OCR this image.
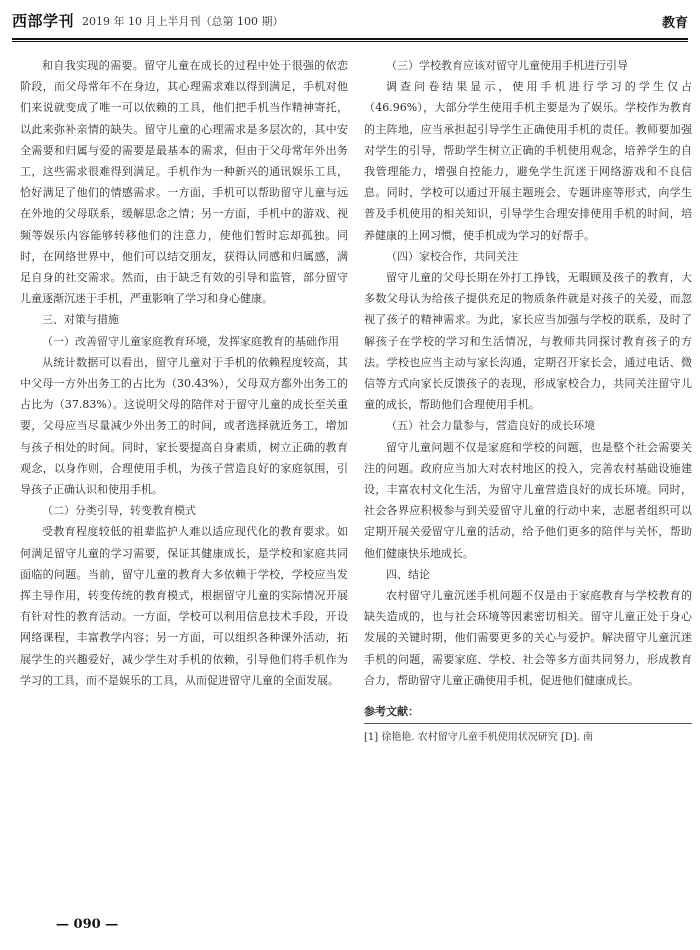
西部学刊 2019 年 10 月上半月刊（总第 100 期）	教育

和自我实现的需要。留守儿童在成长的过程中处于很强的依恋阶段，而父母常年不在身边，其心理需求难以得到满足，手机对他们来说就变成了唯一可以依赖的工具，他们把手机当作精神寄托，以此来弥补亲情的缺失。留守儿童的心理需求是多层次的，其中安全需要和归属与爱的需要是最基本的需求，但由于父母常年外出务工，这些需求很难得到满足。手机作为一种新兴的通讯娱乐工具，恰好满足了他们的情感需求。一方面，手机可以帮助留守儿童与远在外地的父母联系，缓解思念之情；另一方面，手机中的游戏、视频等娱乐内容能够转移他们的注意力，使他们暂时忘却孤独。同时，在网络世界中，他们可以结交朋友，获得认同感和归属感，满足自身的社交需求。然而，由于缺乏有效的引导和监管，部分留守儿童逐渐沉迷于手机，严重影响了学习和身心健康。

三、对策与措施
（一）改善留守儿童家庭教育环境，发挥家庭教育的基础作用

从统计数据可以看出，留守儿童对于手机的依赖程度较高，其中父母一方外出务工的占比为（30.43%），父母双方都外出务工的占比为（37.83%）。这说明父母的陪伴对于留守儿童的成长至关重要，父母应当尽量减少外出务工的时间，或者选择就近务工，增加与孩子相处的时间。同时，家长要提高自身素质，树立正确的教育观念，以身作则，合理使用手机，为孩子营造良好的家庭氛围，引导孩子正确认识和使用手机。

（二）分类引导，转变教育模式

受教育程度较低的祖辈监护人难以适应现代化的教育要求。如何满足留守儿童的学习需要，保证其健康成长，是学校和家庭共同面临的问题。当前，留守儿童的教育大多依赖于学校，学校应当发挥主导作用，转变传统的教育模式，根据留守儿童的实际情况开展有针对性的教育活动。一方面，学校可以利用信息技术手段，开设网络课程，丰富教学内容；另一方面，可以组织各种课外活动，拓展学生的兴趣爱好，减少学生对手机的依赖，引导他们将手机作为学习的工具，而不是娱乐的工具，从而促进留守儿童的全面发展。

（三）学校教育应该对留守儿童使用手机进行引导

调查问卷结果显示，使用手机进行学习的学生仅占（46.96%），大部分学生使用手机主要是为了娱乐。学校作为教育的主阵地，应当承担起引导学生正确使用手机的责任。教师要加强对学生的引导，帮助学生树立正确的手机使用观念，培养学生的自我管理能力，增强自控能力，避免学生沉迷于网络游戏和不良信息。同时，学校可以通过开展主题班会、专题讲座等形式，向学生普及手机使用的相关知识，引导学生合理安排使用手机的时间，培养健康的上网习惯，使手机成为学习的好帮手。

（四）家校合作，共同关注

留守儿童的父母长期在外打工挣钱，无暇顾及孩子的教育，大多数父母认为给孩子提供充足的物质条件就是对孩子的关爱，而忽视了孩子的精神需求。为此，家长应当加强与学校的联系，及时了解孩子在学校的学习和生活情况，与教师共同探讨教育孩子的方法。学校也应当主动与家长沟通，定期召开家长会，通过电话、微信等方式向家长反馈孩子的表现，形成家校合力，共同关注留守儿童的成长，帮助他们合理使用手机。

（五）社会力量参与，营造良好的成长环境

留守儿童问题不仅是家庭和学校的问题，也是整个社会需要关注的问题。政府应当加大对农村地区的投入，完善农村基础设施建设，丰富农村文化生活，为留守儿童营造良好的成长环境。同时，社会各界应积极参与到关爱留守儿童的行动中来，志愿者组织可以定期开展关爱留守儿童的活动，给予他们更多的陪伴与关怀，帮助他们健康快乐地成长。

四、结论

农村留守儿童沉迷手机问题不仅是由于家庭教育与学校教育的缺失造成的，也与社会环境等因素密切相关。留守儿童正处于身心发展的关键时期，他们需要更多的关心与爱护。解决留守儿童沉迷手机的问题，需要家庭、学校、社会等多方面共同努力，形成教育合力，帮助留守儿童正确使用手机，促进他们健康成长。

参考文献：

[1] 徐艳艳. 农村留守儿童手机使用状况研究 [D]. 南

— 090 —
